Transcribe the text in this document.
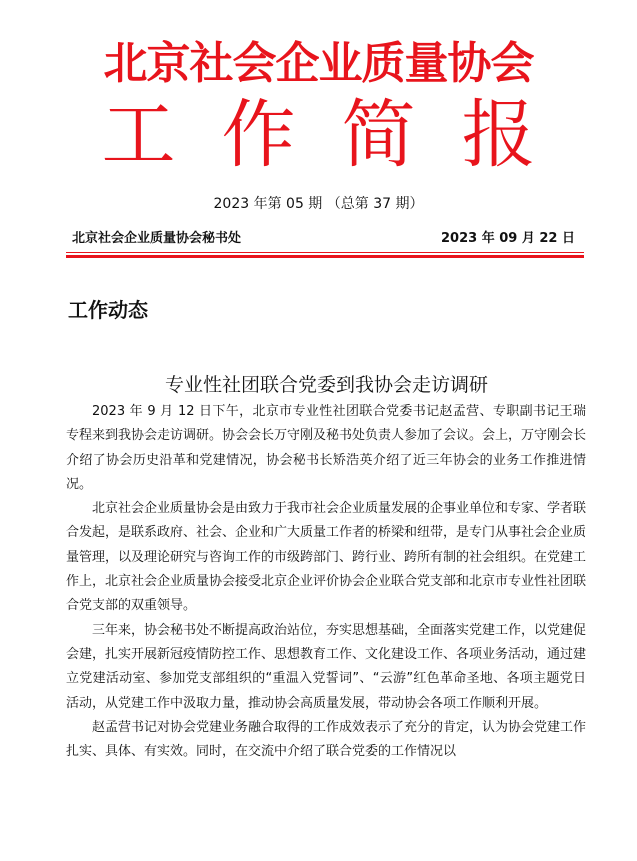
北京社会企业质量协会
工作简报
2023 年第 05 期 （总第 37 期）
北京社会企业质量协会秘书处	2023 年 09 月 22 日
工作动态
专业性社团联合党委到我协会走访调研

2023 年 9 月 12 日下午，北京市专业性社团联合党委书记赵孟营、专职副书记王瑞专程来到我协会走访调研。协会会长万守刚及秘书处负责人参加了会议。会上，万守刚会长介绍了协会历史沿革和党建情况，协会秘书长矫浩英介绍了近三年协会的业务工作推进情况。

北京社会企业质量协会是由致力于我市社会企业质量发展的企事业单位和专家、学者联合发起，是联系政府、社会、企业和广大质量工作者的桥梁和纽带，是专门从事社会企业质量管理，以及理论研究与咨询工作的市级跨部门、跨行业、跨所有制的社会组织。在党建工作上，北京社会企业质量协会接受北京企业评价协会企业联合党支部和北京市专业性社团联合党支部的双重领导。

三年来，协会秘书处不断提高政治站位，夯实思想基础，全面落实党建工作，以党建促会建，扎实开展新冠疫情防控工作、思想教育工作、文化建设工作、各项业务活动，通过建立党建活动室、参加党支部组织的“重温入党誓词”、“云游”红色革命圣地、各项主题党日活动，从党建工作中汲取力量，推动协会高质量发展，带动协会各项工作顺利开展。

赵孟营书记对协会党建业务融合取得的工作成效表示了充分的肯定，认为协会党建工作扎实、具体、有实效。同时，在交流中介绍了联合党委的工作情况以
